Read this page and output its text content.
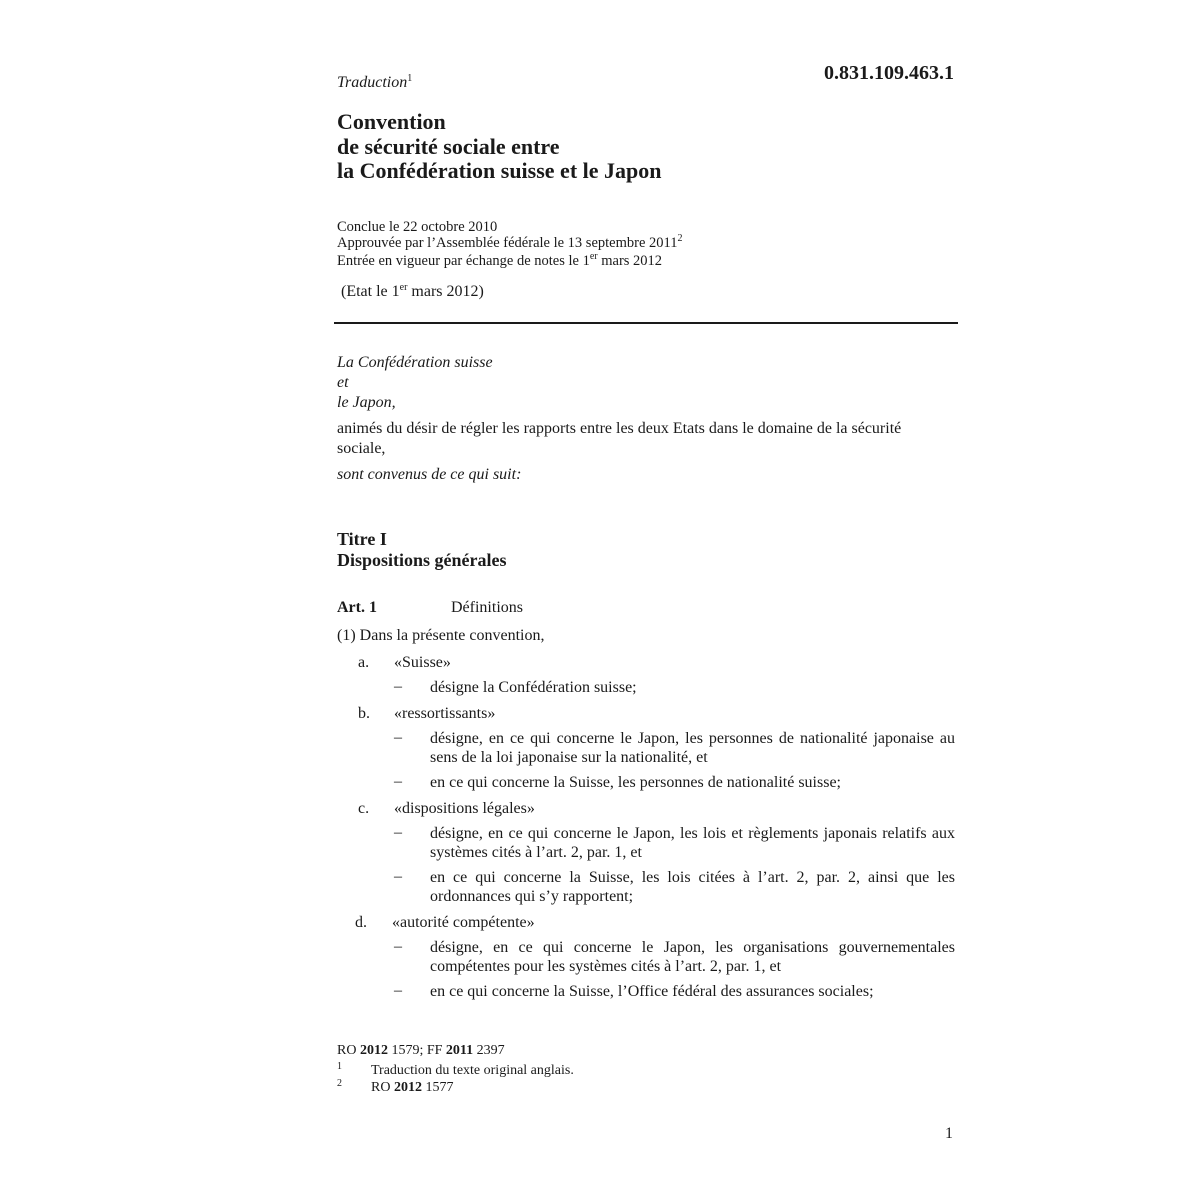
0.831.109.463.1
Traduction$^1$
Convention
de sécurité sociale entre
la Confédération suisse et le Japon
Conclue le 22 octobre 2010
Approuvée par l’Assemblée fédérale le 13 septembre 2011$^2$
Entrée en vigueur par échange de notes le 1er mars 2012
(Etat le 1er mars 2012)
La Confédération suisse
et
le Japon,
animés du désir de régler les rapports entre les deux Etats dans le domaine de la sécurité sociale,
sont convenus de ce qui suit:
Titre I
Dispositions générales
Art. 1	Définitions
(1) Dans la présente convention,
a. «Suisse»
– désigne la Confédération suisse;
b. «ressortissants»
– désigne, en ce qui concerne le Japon, les personnes de nationalité japonaise au sens de la loi japonaise sur la nationalité, et
– en ce qui concerne la Suisse, les personnes de nationalité suisse;
c. «dispositions légales»
– désigne, en ce qui concerne le Japon, les lois et règlements japonais relatifs aux systèmes cités à l’art. 2, par. 1, et
– en ce qui concerne la Suisse, les lois citées à l’art. 2, par. 2, ainsi que les ordonnances qui s’y rapportent;
d. «autorité compétente»
– désigne, en ce qui concerne le Japon, les organisations gouvernementales compétentes pour les systèmes cités à l’art. 2, par. 1, et
– en ce qui concerne la Suisse, l’Office fédéral des assurances sociales;
RO 2012 1579; FF 2011 2397
1 Traduction du texte original anglais.
2 RO 2012 1577
1
